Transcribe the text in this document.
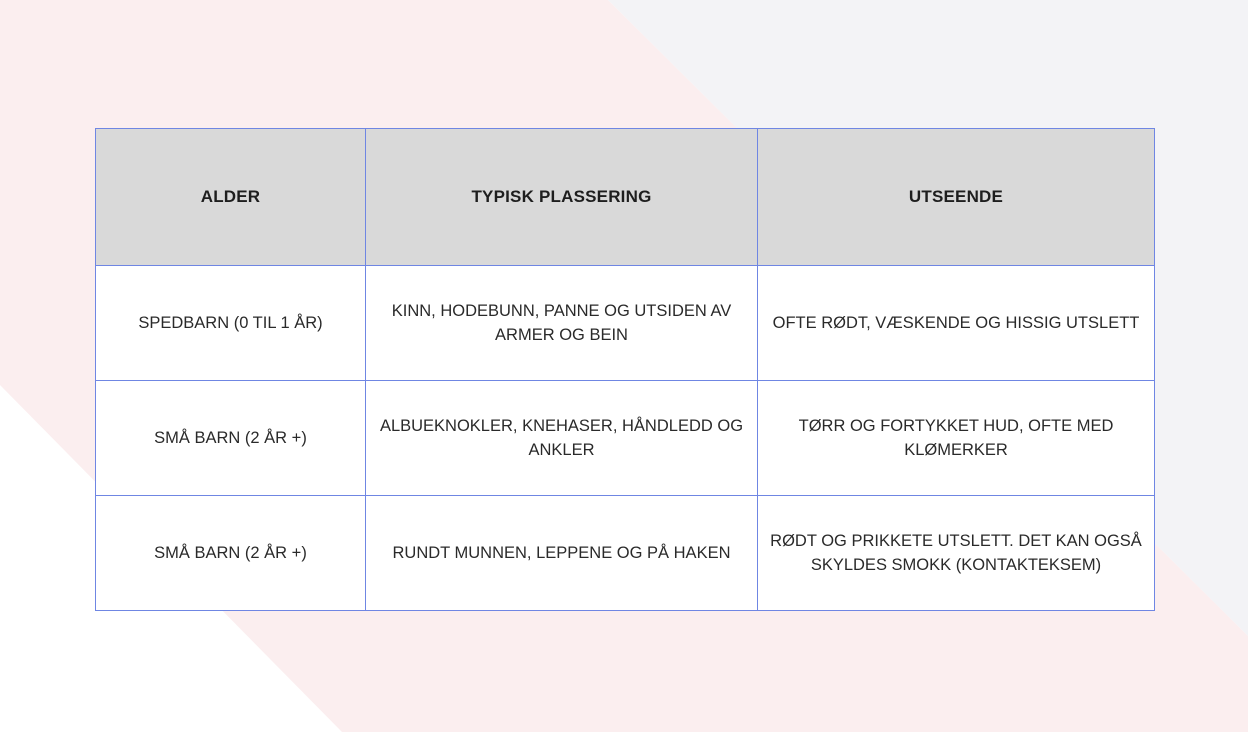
ALDER	TYPISK PLASSERING	UTSEENDE
SPEDBARN (0 TIL 1 ÅR)	KINN, HODEBUNN, PANNE OG UTSIDEN AV ARMER OG BEIN	OFTE RØDT, VÆSKENDE OG HISSIG UTSLETT
SMÅ BARN (2 ÅR +)	ALBUEKNOKLER, KNEHASER, HÅNDLEDD OG ANKLER	TØRR OG FORTYKKET HUD, OFTE MED KLØMERKER
SMÅ BARN (2 ÅR +)	RUNDT MUNNEN, LEPPENE OG PÅ HAKEN	RØDT OG PRIKKETE UTSLETT. DET KAN OGSÅ SKYLDES SMOKK (KONTAKTEKSEM)
